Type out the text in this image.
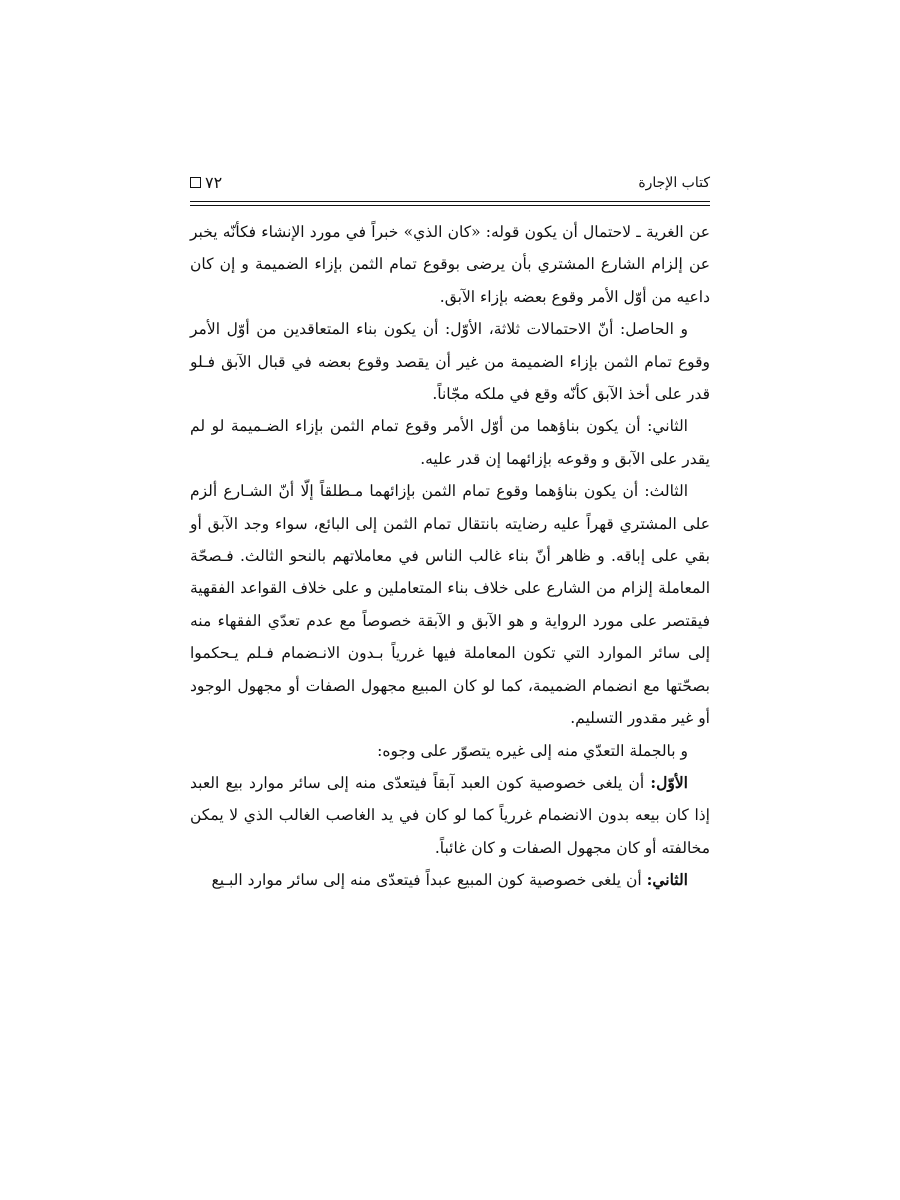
كتاب الإجارة
٧٢

عن الغرية ـ لاحتمال أن يكون قوله: «كان الذي» خبراً في مورد الإنشاء فكأنّه يخبر عن إلزام الشارع المشتري بأن يرضى بوقوع تمام الثمن بإزاء الضميمة و إن كان داعيه من أوّل الأمر وقوع بعضه بإزاء الآبق.

و الحاصل: أنّ الاحتمالات ثلاثة، الأوّل: أن يكون بناء المتعاقدين من أوّل الأمر وقوع تمام الثمن بإزاء الضميمة من غير أن يقصد وقوع بعضه في قبال الآبق فـلو قدر على أخذ الآبق كأنّه وقع في ملكه مجّاناً.

الثاني: أن يكون بناؤهما من أوّل الأمر وقوع تمام الثمن بإزاء الضـميمة لو لم يقدر على الآبق و وقوعه بإزائهما إن قدر عليه.

الثالث: أن يكون بناؤهما وقوع تمام الثمن بإزائهما مـطلقاً إلّا أنّ الشـارع ألزم على المشتري قهراً عليه رضايته بانتقال تمام الثمن إلى البائع، سواء وجد الآبق أو بقي على إباقه. و ظاهر أنّ بناء غالب الناس في معاملاتهم بالنحو الثالث. فـصحّة المعاملة إلزام من الشارع على خلاف بناء المتعاملين و على خلاف القواعد الفقهية فيقتصر على مورد الرواية و هو الآبق و الآبقة خصوصاً مع عدم تعدّي الفقهاء منه إلى سائر الموارد التي تكون المعاملة فيها غررياً بـدون الانـضمام فـلم يـحكموا بصحّتها مع انضمام الضميمة، كما لو كان المبيع مجهول الصفات أو مجهول الوجود أو غير مقدور التسليم.

و بالجملة التعدّي منه إلى غيره يتصوّر على وجوه:

الأوّل: أن يلغى خصوصية كون العبد آبقاً فيتعدّى منه إلى سائر موارد بيع العبد إذا كان بيعه بدون الانضمام غررياً كما لو كان في يد الغاصب الغالب الذي لا يمكن مخالفته أو كان مجهول الصفات و كان غائباً.

الثاني: أن يلغى خصوصية كون المبيع عبداً فيتعدّى منه إلى سائر موارد البـيع
